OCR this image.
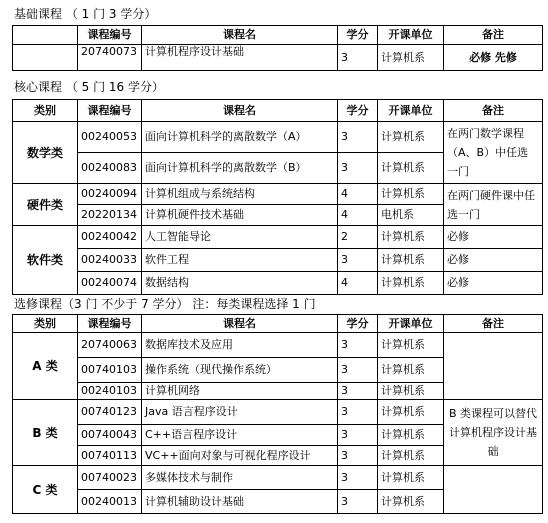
基础课程 （ 1 门 3 学分）
	课程编号	课程名	学分	开课单位	备注
	20740073	计算机程序设计基础	3	计算机系	必修 先修
核心课程 （ 5 门 16 学分）
类别	课程编号	课程名	学分	开课单位	备注
数学类	00240053	面向计算机科学的离散数学（A）	3	计算机系	在两门数学课程（A、B）中任选一门
	00240083	面向计算机科学的离散数学（B）	3	计算机系	
硬件类	00240094	计算机组成与系统结构	4	计算机系	在两门硬件课中任选一门
	20220134	计算机硬件技术基础	4	电机系	
软件类	00240042	人工智能导论	2	计算机系	必修
	00240033	软件工程	3	计算机系	必修
	00240074	数据结构	4	计算机系	必修
选修课程（3 门 不少于 7 学分） 注：每类课程选择 1 门
类别	课程编号	课程名	学分	开课单位	备注
A 类	20740063	数据库技术及应用	3	计算机系	
	00740103	操作系统（现代操作系统）	3	计算机系	
	00240103	计算机网络	3	计算机系	
B 类	00740123	Java 语言程序设计	3	计算机系	B 类课程可以替代计算机程序设计基础
	00740043	C++语言程序设计	3	计算机系	
	00740113	VC++面向对象与可视化程序设计	3	计算机系	
C 类	00740023	多媒体技术与制作	3	计算机系	
	00240013	计算机辅助设计基础	3	计算机系	
